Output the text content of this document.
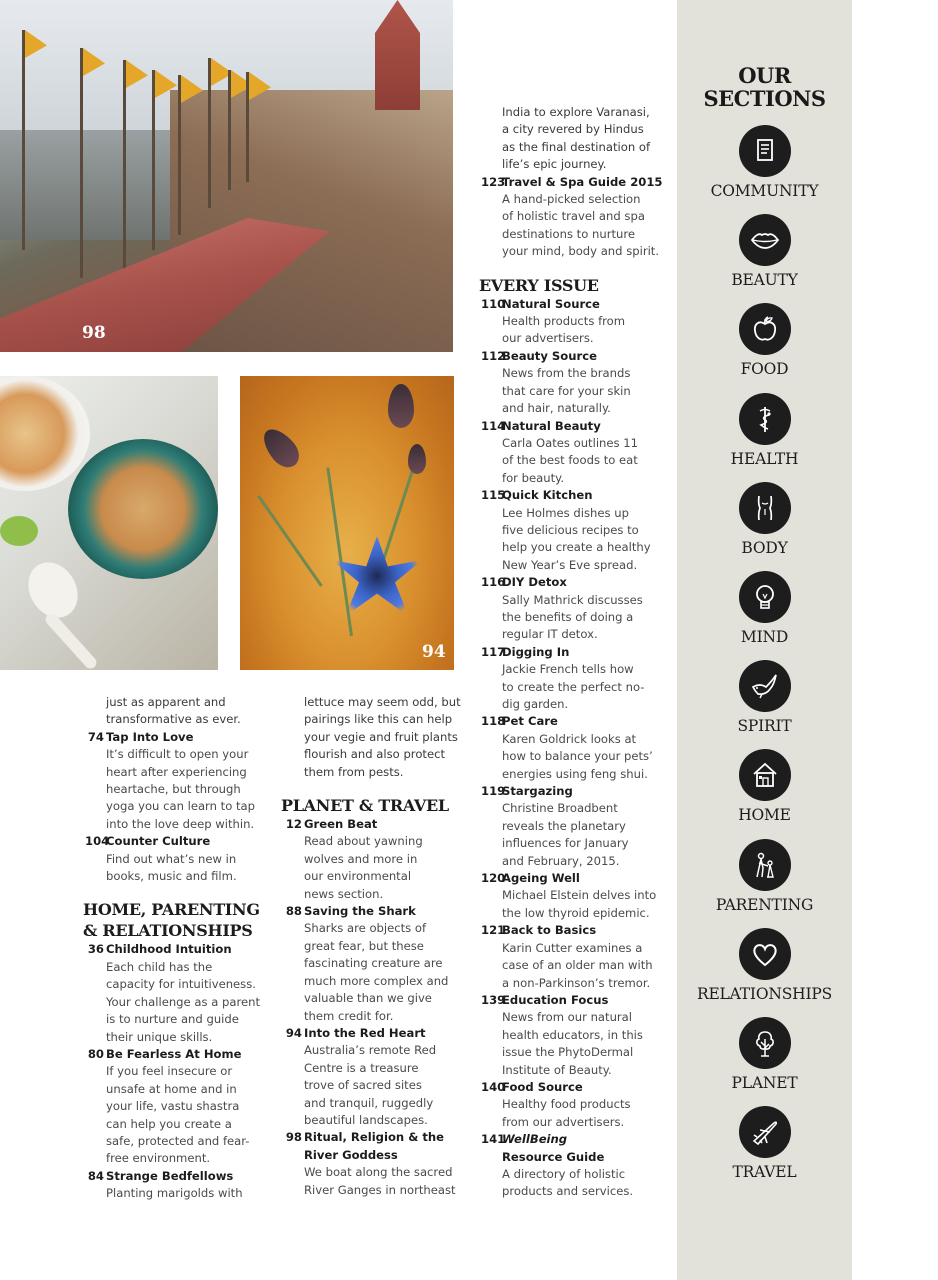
98
94
just as apparent and
transformative as ever.
74 Tap Into Love
It’s difficult to open your
heart after experiencing
heartache, but through
yoga you can learn to tap
into the love deep within.
104Counter Culture
Find out what’s new in
books, music and film.
HOME, PARENTING
& RELATIONSHIPS
36 Childhood Intuition
Each child has the
capacity for intuitiveness.
Your challenge as a parent
is to nurture and guide
their unique skills.
80 Be Fearless At Home
If you feel insecure or
unsafe at home and in
your life, vastu shastra
can help you create a
safe, protected and fear-
free environment.
84 Strange Bedfellows
Planting marigolds with
lettuce may seem odd, but
pairings like this can help
your vegie and fruit plants
flourish and also protect
them from pests.
PLANET & TRAVEL
12 Green Beat
Read about yawning
wolves and more in
our environmental
news section.
88 Saving the Shark
Sharks are objects of
great fear, but these
fascinating creature are
much more complex and
valuable than we give
them credit for.
94 Into the Red Heart
Australia’s remote Red
Centre is a treasure
trove of sacred sites
and tranquil, ruggedly
beautiful landscapes.
98 Ritual, Religion & the
River Goddess
We boat along the sacred
River Ganges in northeast
India to explore Varanasi,
a city revered by Hindus
as the final destination of
life’s epic journey.
123Travel & Spa Guide 2015
A hand-picked selection
of holistic travel and spa
destinations to nurture
your mind, body and spirit.
EVERY ISSUE
110Natural Source
Health products from
our advertisers.
112Beauty Source
News from the brands
that care for your skin
and hair, naturally.
114Natural Beauty
Carla Oates outlines 11
of the best foods to eat
for beauty.
115Quick Kitchen
Lee Holmes dishes up
five delicious recipes to
help you create a healthy
New Year’s Eve spread.
116DIY Detox
Sally Mathrick discusses
the benefits of doing a
regular IT detox.
117Digging In
Jackie French tells how
to create the perfect no-
dig garden.
118Pet Care
Karen Goldrick looks at
how to balance your pets’
energies using feng shui.
119Stargazing
Christine Broadbent
reveals the planetary
influences for January
and February, 2015.
120Ageing Well
Michael Elstein delves into
the low thyroid epidemic.
121Back to Basics
Karin Cutter examines a
case of an older man with
a non-Parkinson’s tremor.
139Education Focus
News from our natural
health educators, in this
issue the PhytoDermal
Institute of Beauty.
140Food Source
Healthy food products
from our advertisers.
141WellBeing
Resource Guide
A directory of holistic
products and services.
OUR
SECTIONS
COMMUNITY
BEAUTY
FOOD
HEALTH
BODY
MIND
SPIRIT
HOME
PARENTING
RELATIONSHIPS
PLANET
TRAVEL
